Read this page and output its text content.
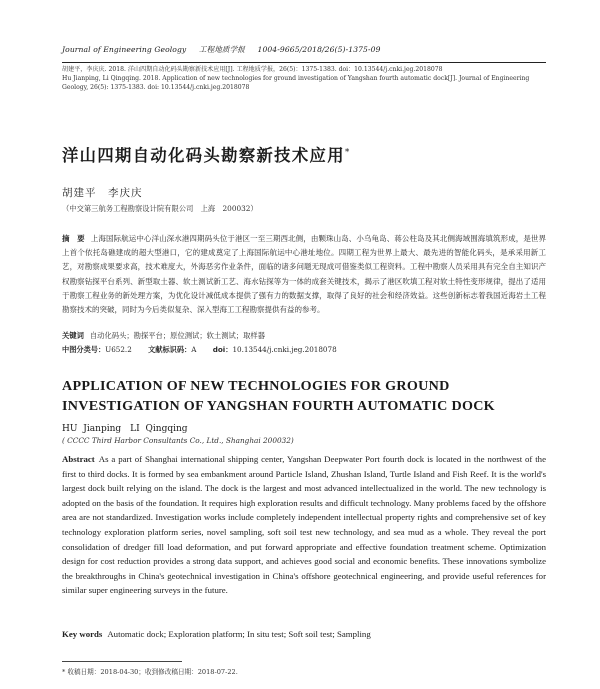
Journal of Engineering Geology 工程地质学报 1004-9665/2018/26(5)-1375-09
胡建平，李庆庆. 2018. 洋山四期自动化码头勘察新技术应用[J]. 工程地质学报，26(5)：1375-1383. doi：10.13544/j.cnki.jeg.2018078
Hu Jianping, Li Qingqing. 2018. Application of new technologies for ground investigation of Yangshan fourth automatic dock[J]. Journal of Engineering Geology, 26(5): 1375-1383. doi: 10.13544/j.cnki.jeg.2018078
洋山四期自动化码头勘察新技术应用*
胡建平　李庆庆
（中交第三航务工程勘察设计院有限公司　上海　200032）
摘　要 上海国际航运中心洋山深水港四期码头位于港区一至三期西北侧，由颗珠山岛、小乌龟岛、蒋公柱岛及其北侧海域围海填筑形成，是世界上首个依托岛礁建成的超大型港口，它的建成奠定了上海国际航运中心港址地位。四期工程为世界上最大、最先进的智能化码头，是承采用新工艺，对勘察成果要求高，技术难度大，外海恶劣作业条件，面临的诸多问题无现成可借鉴类似工程资料。工程中勘察人员采用具有完全自主知识产权勘察钻探平台系列、新型取土器、软土测试新工艺、海水钻探等为一体的成套关键技术，揭示了港区吹填工程对软土特性变形规律，提出了适用于勘察工程业务的新处理方案，为优化设计减低成本提供了强有力的数据支撑，取得了良好的社会和经济效益。这些创新标志着我国近海岩土工程勘察技术的突破，同时为今后类似复杂、深入型海工工程勘察提供有益的参考。
关键词 自动化码头；勘探平台；原位测试；软土测试；取样器
中图分类号：U652.2 文献标识码：A doi：10.13544/j.cnki.jeg.2018078
APPLICATION OF NEW TECHNOLOGIES FOR GROUND INVESTIGATION OF YANGSHAN FOURTH AUTOMATIC DOCK
HU Jianping　LI Qingqing
( CCCC Third Harbor Consultants Co., Ltd., Shanghai 200032)
Abstract As a part of Shanghai international shipping center, Yangshan Deepwater Port fourth dock is located in the northwest of the first to third docks. It is formed by sea embankment around Particle Island, Zhushan Island, Turtle Island and Fish Reef. It is the world's largest dock built relying on the island. The dock is the largest and most advanced intellectualized in the world. The new technology is adopted on the basis of the foundation. It requires high exploration results and difficult technology. Many problems faced by the offshore area are not standardized. Investigation works include completely independent intellectual property rights and comprehensive set of key technology exploration platform series, novel sampling, soft soil test new technology, and sea mud as a whole. They reveal the port consolidation of dredger fill load deformation, and put forward appropriate and effective foundation treatment scheme. Optimization design for cost reduction provides a strong data support, and achieves good social and economic benefits. These innovations symbolize the breakthroughs in China's geotechnical investigation in China's offshore geotechnical engineering, and provide useful references for similar super engineering surveys in the future.
Key words Automatic dock; Exploration platform; In situ test; Soft soil test; Sampling
* 收稿日期：2018-04-30；收到修改稿日期：2018-07-22.
